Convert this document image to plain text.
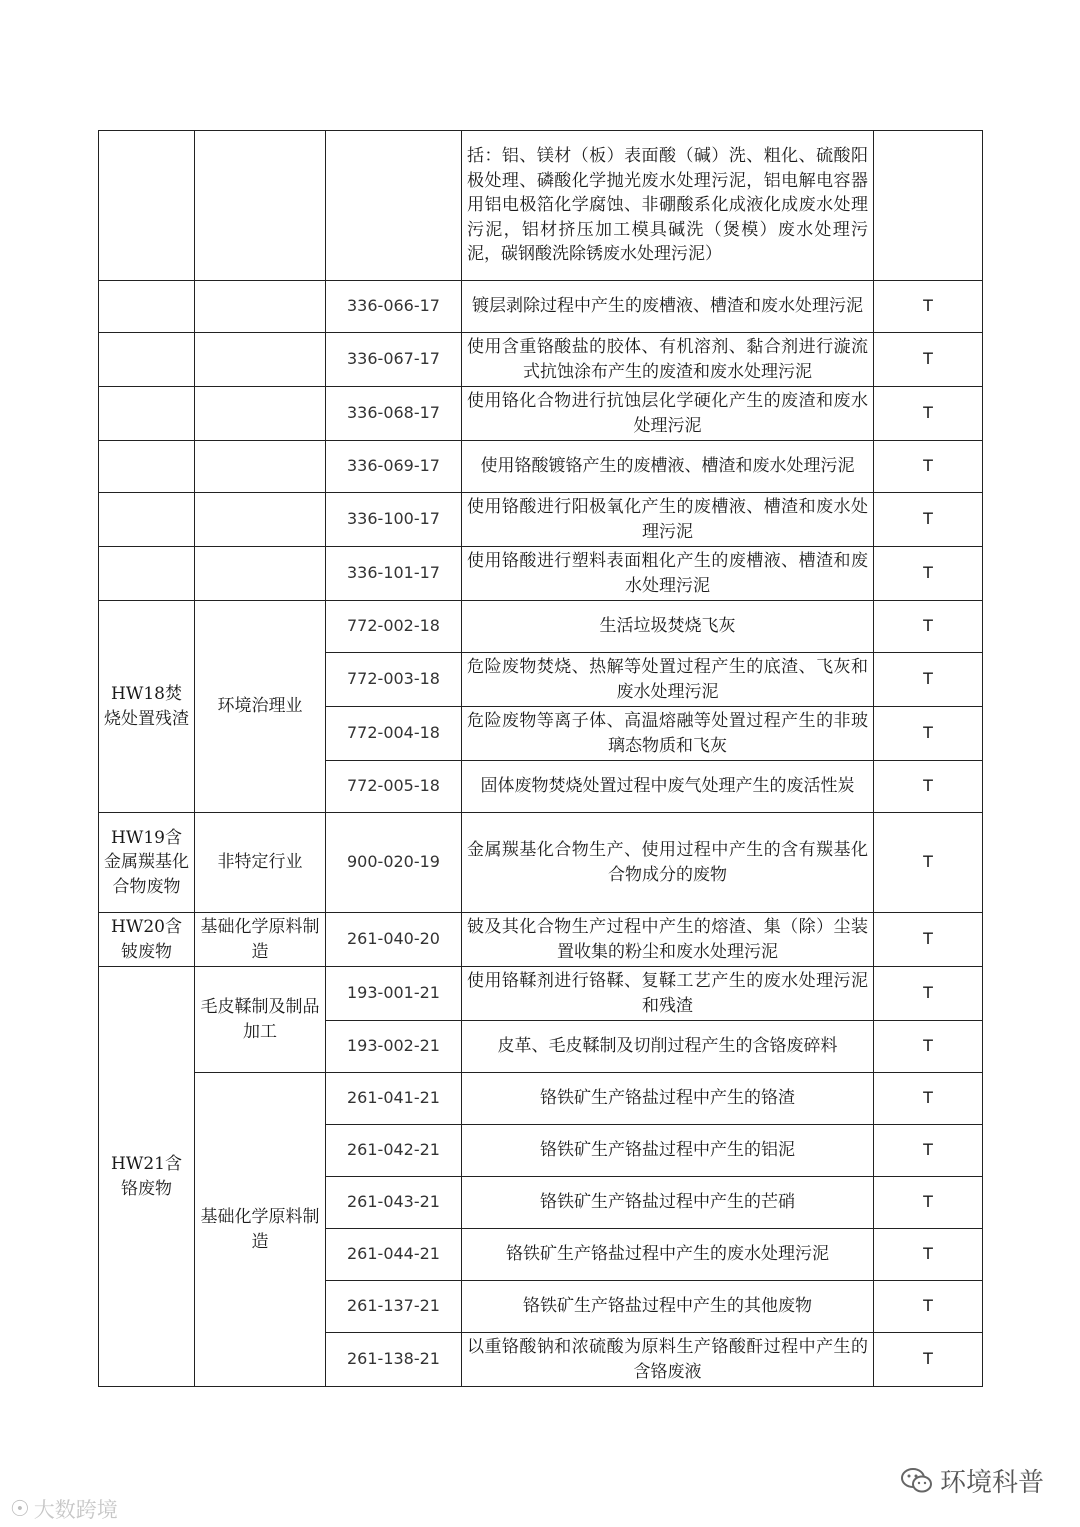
			括：铝、镁材（板）表面酸（碱）洗、粗化、硫酸阳极处理、磷酸化学抛光废水处理污泥，铝电解电容器用铝电极箔化学腐蚀、非硼酸系化成液化成废水处理污泥，铝材挤压加工模具碱洗（煲模）废水处理污泥，碳钢酸洗除锈废水处理污泥）	
		336-066-17	镀层剥除过程中产生的废槽液、槽渣和废水处理污泥	T
		336-067-17	使用含重铬酸盐的胶体、有机溶剂、黏合剂进行漩流式抗蚀涂布产生的废渣和废水处理污泥	T
		336-068-17	使用铬化合物进行抗蚀层化学硬化产生的废渣和废水处理污泥	T
		336-069-17	使用铬酸镀铬产生的废槽液、槽渣和废水处理污泥	T
		336-100-17	使用铬酸进行阳极氧化产生的废槽液、槽渣和废水处理污泥	T
		336-101-17	使用铬酸进行塑料表面粗化产生的废槽液、槽渣和废水处理污泥	T
HW18焚烧处置残渣	环境治理业	772-002-18	生活垃圾焚烧飞灰	T
		772-003-18	危险废物焚烧、热解等处置过程产生的底渣、飞灰和废水处理污泥	T
		772-004-18	危险废物等离子体、高温熔融等处置过程产生的非玻璃态物质和飞灰	T
		772-005-18	固体废物焚烧处置过程中废气处理产生的废活性炭	T
HW19含金属羰基化合物废物	非特定行业	900-020-19	金属羰基化合物生产、使用过程中产生的含有羰基化合物成分的废物	T
HW20含铍废物	基础化学原料制造	261-040-20	铍及其化合物生产过程中产生的熔渣、集（除）尘装置收集的粉尘和废水处理污泥	T
HW21含铬废物	毛皮鞣制及制品加工	193-001-21	使用铬鞣剂进行铬鞣、复鞣工艺产生的废水处理污泥和残渣	T
		193-002-21	皮革、毛皮鞣制及切削过程产生的含铬废碎料	T
	基础化学原料制造	261-041-21	铬铁矿生产铬盐过程中产生的铬渣	T
		261-042-21	铬铁矿生产铬盐过程中产生的铝泥	T
		261-043-21	铬铁矿生产铬盐过程中产生的芒硝	T
		261-044-21	铬铁矿生产铬盐过程中产生的废水处理污泥	T
		261-137-21	铬铁矿生产铬盐过程中产生的其他废物	T
		261-138-21	以重铬酸钠和浓硫酸为原料生产铬酸酐过程中产生的含铬废液	T
☉ 大数跨境
环境科普
